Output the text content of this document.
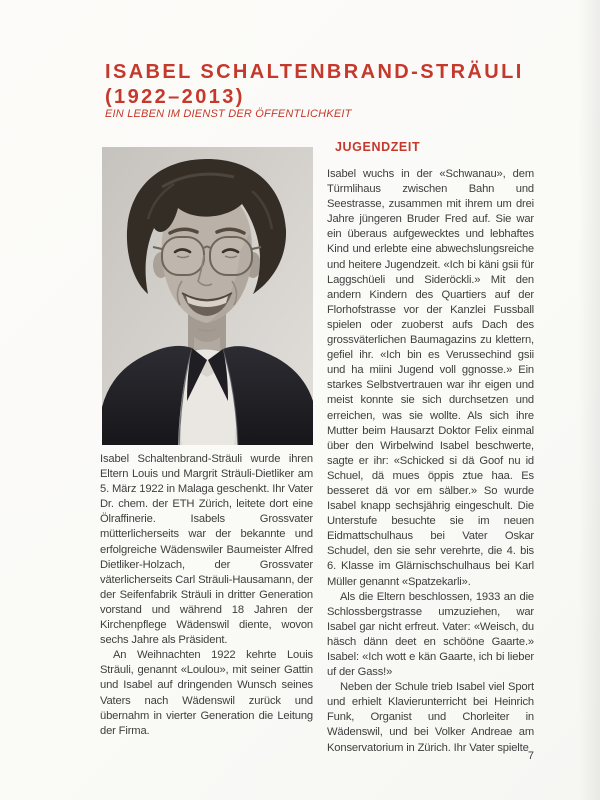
ISABEL SCHALTENBRAND-STRÄULI
(1922–2013)
EIN LEBEN IM DIENST DER ÖFFENTLICHKEIT
JUGENDZEIT

Isabel Schaltenbrand-Sträuli wurde ihren Eltern Louis und Margrit Sträuli-Dietliker am 5. März 1922 in Malaga geschenkt. Ihr Vater Dr. chem. der ETH Zürich, leitete dort eine Ölraffinerie. Isabels Grossvater mütterlicherseits war der bekannte und erfolgreiche Wädenswiler Baumeister Alfred Dietliker-Holzach, der Grossvater väterlicherseits Carl Sträuli-Hausamann, der der Seifenfabrik Sträuli in dritter Generation vorstand und während 18 Jahren der Kirchenpflege Wädenswil diente, wovon sechs Jahre als Präsident.

An Weihnachten 1922 kehrte Louis Sträuli, genannt «Loulou», mit seiner Gattin und Isabel auf dringenden Wunsch seines Vaters nach Wädenswil zurück und übernahm in vierter Generation die Leitung der Firma.

Isabel wuchs in der «Schwanau», dem Türmlihaus zwischen Bahn und Seestrasse, zusammen mit ihrem um drei Jahre jüngeren Bruder Fred auf. Sie war ein überaus aufgewecktes und lebhaftes Kind und erlebte eine abwechslungsreiche und heitere Jugendzeit. «Ich bi käni gsii für Laggschüeli und Sideröckli.» Mit den andern Kindern des Quartiers auf der Florhofstrasse vor der Kanzlei Fussball spielen oder zuoberst aufs Dach des grossväterlichen Baumagazins zu klettern, gefiel ihr. «Ich bin es Verussechind gsii und ha miini Jugend voll ggnosse.» Ein starkes Selbstvertrauen war ihr eigen und meist konnte sie sich durchsetzen und erreichen, was sie wollte. Als sich ihre Mutter beim Hausarzt Doktor Felix einmal über den Wirbelwind Isabel beschwerte, sagte er ihr: «Schicked si dä Goof nu id Schuel, dä mues öppis ztue haa. Es besseret dä vor em sälber.» So wurde Isabel knapp sechsjährig eingeschult. Die Unterstufe besuchte sie im neuen Eidmattschulhaus bei Vater Oskar Schudel, den sie sehr verehrte, die 4. bis 6. Klasse im Glärnischschulhaus bei Karl Müller genannt «Spatzekarli».

Als die Eltern beschlossen, 1933 an die Schlossbergstrasse umzuziehen, war Isabel gar nicht erfreut. Vater: «Weisch, du häsch dänn deet en schööne Gaarte.» Isabel: «Ich wott e kän Gaarte, ich bi lieber uf der Gass!»

Neben der Schule trieb Isabel viel Sport und erhielt Klavierunterricht bei Heinrich Funk, Organist und Chorleiter in Wädenswil, und bei Volker Andreae am Konservatorium in Zürich. Ihr Vater spielte

7
